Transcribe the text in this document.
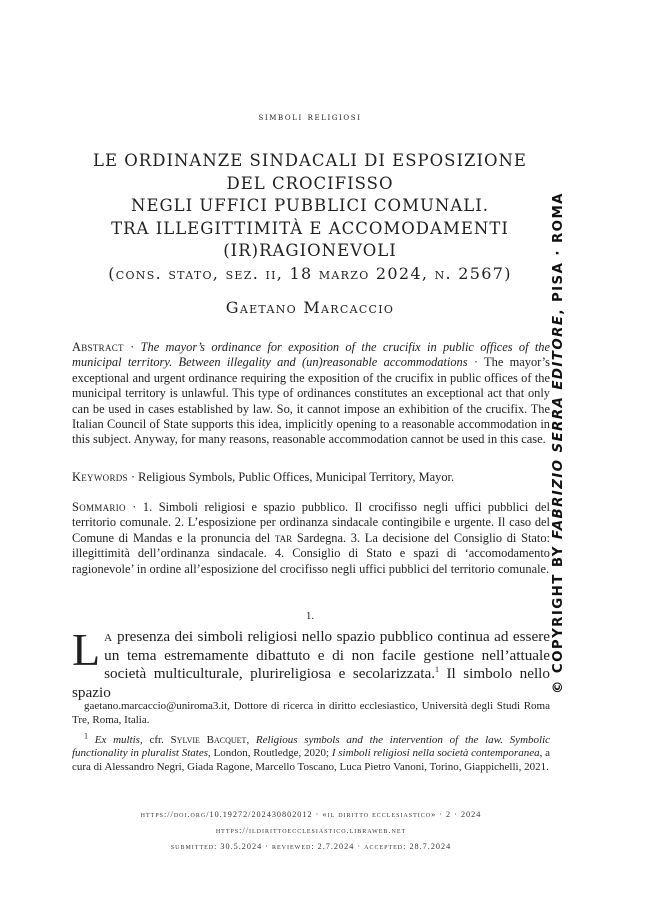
simboli religiosi
LE ORDINANZE SINDACALI DI ESPOSIZIONE
DEL CROCIFISSO
NEGLI UFFICI PUBBLICI COMUNALI.
TRA ILLEGITTIMITÀ E ACCOMODAMENTI
(IR)RAGIONEVOLI
(cons. stato, sez. ii, 18 marzo 2024, n. 2567)
Gaetano Marcaccio
Abstract · The mayor’s ordinance for exposition of the crucifix in public offices of the municipal territory. Between illegality and (un)reasonable accommodations · The mayor’s exceptional and urgent ordinance requiring the exposition of the crucifix in public offices of the municipal territory is unlawful. This type of ordinances constitutes an exceptional act that only can be used in cases established by law. So, it cannot impose an exhibition of the crucifix. The Italian Council of State supports this idea, implicitly opening to a reasonable accommodation in this subject. Anyway, for many reasons, reasonable accommodation cannot be used in this case.
Keywords · Religious Symbols, Public Offices, Municipal Territory, Mayor.
Sommario · 1. Simboli religiosi e spazio pubblico. Il crocifisso negli uffici pubblici del territorio comunale. 2. L’esposizione per ordinanza sindacale contingibile e urgente. Il caso del Comune di Mandas e la pronuncia del tar Sardegna. 3. La decisione del Consiglio di Stato: illegittimità dell’ordinanza sindacale. 4. Consiglio di Stato e spazi di ‘accomodamento ragionevole’ in ordine all’esposizione del crocifisso negli uffici pubblici del territorio comunale.
1.
La presenza dei simboli religiosi nello spazio pubblico continua ad essere un tema estremamente dibattuto e di non facile gestione nell’attuale società multiculturale, plurireligiosa e secolarizzata.$^1$ Il simbolo nello spazio
gaetano.marcaccio@uniroma3.it, Dottore di ricerca in diritto ecclesiastico, Università degli Studi Roma Tre, Roma, Italia.
$^1$ Ex multis, cfr. Sylvie Bacquet, Religious symbols and the intervention of the law. Symbolic functionality in pluralist States, London, Routledge, 2020; I simboli religiosi nella società contemporanea, a cura di Alessandro Negri, Giada Ragone, Marcello Toscano, Luca Pietro Vanoni, Torino, Giappichelli, 2021.
https://doi.org/10.19272/202430802012 · «il diritto ecclesiastico» · 2 · 2024
https://ildirittoecclesiastico.libraweb.net
submitted: 30.5.2024 · reviewed: 2.7.2024 · accepted: 28.7.2024
© COPYRIGHT BY FABRIZIO SERRA EDITORE, PISA · ROMA
